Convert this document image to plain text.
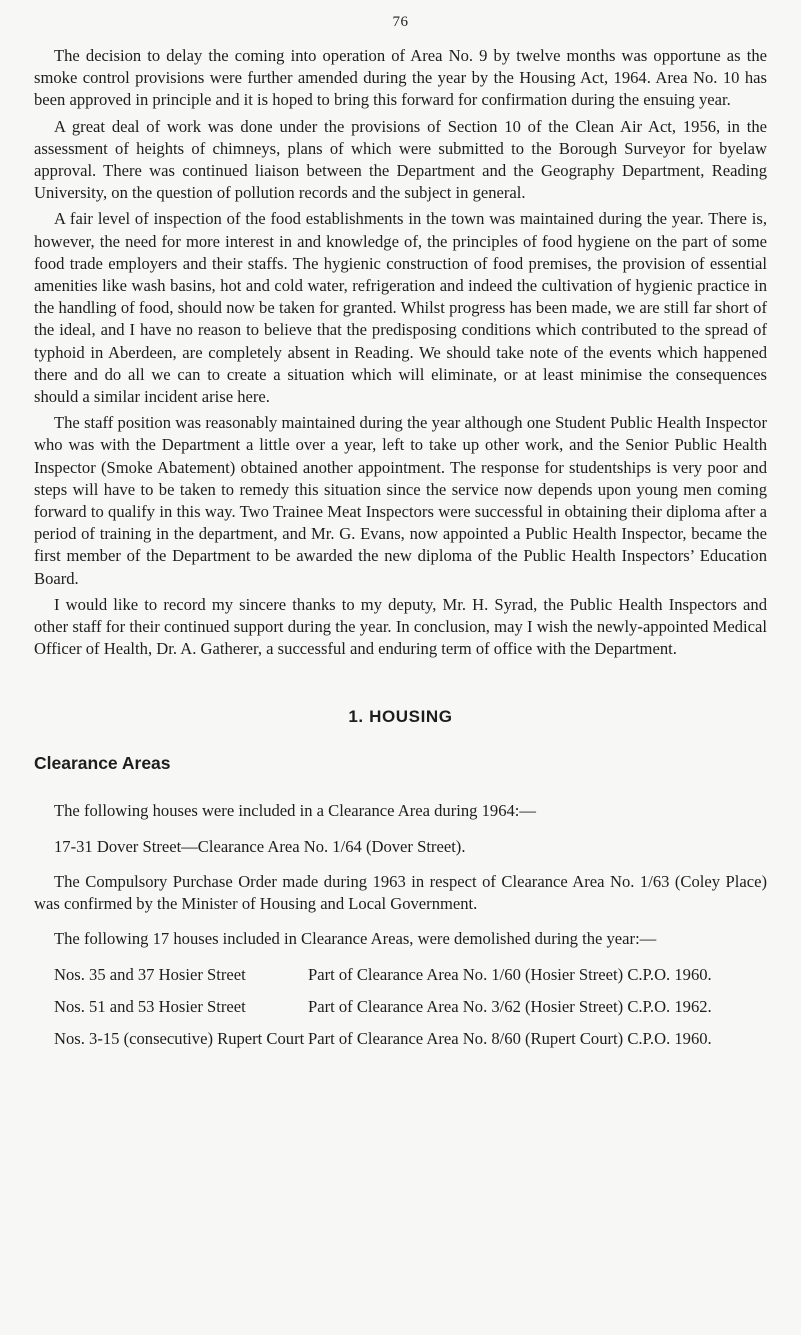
76

The decision to delay the coming into operation of Area No. 9 by twelve months was opportune as the smoke control provisions were further amended during the year by the Housing Act, 1964. Area No. 10 has been approved in principle and it is hoped to bring this forward for confirmation during the ensuing year.

A great deal of work was done under the provisions of Section 10 of the Clean Air Act, 1956, in the assessment of heights of chimneys, plans of which were submitted to the Borough Surveyor for byelaw approval. There was continued liaison between the Department and the Geography Department, Reading University, on the question of pollution records and the subject in general.

A fair level of inspection of the food establishments in the town was maintained during the year. There is, however, the need for more interest in and knowledge of, the principles of food hygiene on the part of some food trade employers and their staffs. The hygienic construction of food premises, the provision of essential amenities like wash basins, hot and cold water, refrigeration and indeed the cultivation of hygienic practice in the handling of food, should now be taken for granted. Whilst progress has been made, we are still far short of the ideal, and I have no reason to believe that the predisposing conditions which contributed to the spread of typhoid in Aberdeen, are completely absent in Reading. We should take note of the events which happened there and do all we can to create a situation which will eliminate, or at least minimise the consequences should a similar incident arise here.

The staff position was reasonably maintained during the year although one Student Public Health Inspector who was with the Department a little over a year, left to take up other work, and the Senior Public Health Inspector (Smoke Abatement) obtained another appointment. The response for studentships is very poor and steps will have to be taken to remedy this situation since the service now depends upon young men coming forward to qualify in this way. Two Trainee Meat Inspectors were successful in obtaining their diploma after a period of training in the department, and Mr. G. Evans, now appointed a Public Health Inspector, became the first member of the Department to be awarded the new diploma of the Public Health Inspectors’ Education Board.

I would like to record my sincere thanks to my deputy, Mr. H. Syrad, the Public Health Inspectors and other staff for their continued support during the year. In conclusion, may I wish the newly-appointed Medical Officer of Health, Dr. A. Gatherer, a successful and enduring term of office with the Department.

1. HOUSING
Clearance Areas

The following houses were included in a Clearance Area during 1964:—

17-31 Dover Street—Clearance Area No. 1/64 (Dover Street).

The Compulsory Purchase Order made during 1963 in respect of Clearance Area No. 1/63 (Coley Place) was confirmed by the Minister of Housing and Local Government.

The following 17 houses included in Clearance Areas, were demolished during the year:—

Nos. 35 and 37 Hosier Street	Part of Clearance Area No. 1/60 (Hosier Street) C.P.O. 1960.
Nos. 51 and 53 Hosier Street	Part of Clearance Area No. 3/62 (Hosier Street) C.P.O. 1962.
Nos. 3-15 (consecutive) Rupert Court Part of Clearance Area No. 8/60 (Rupert Court) C.P.O. 1960.
